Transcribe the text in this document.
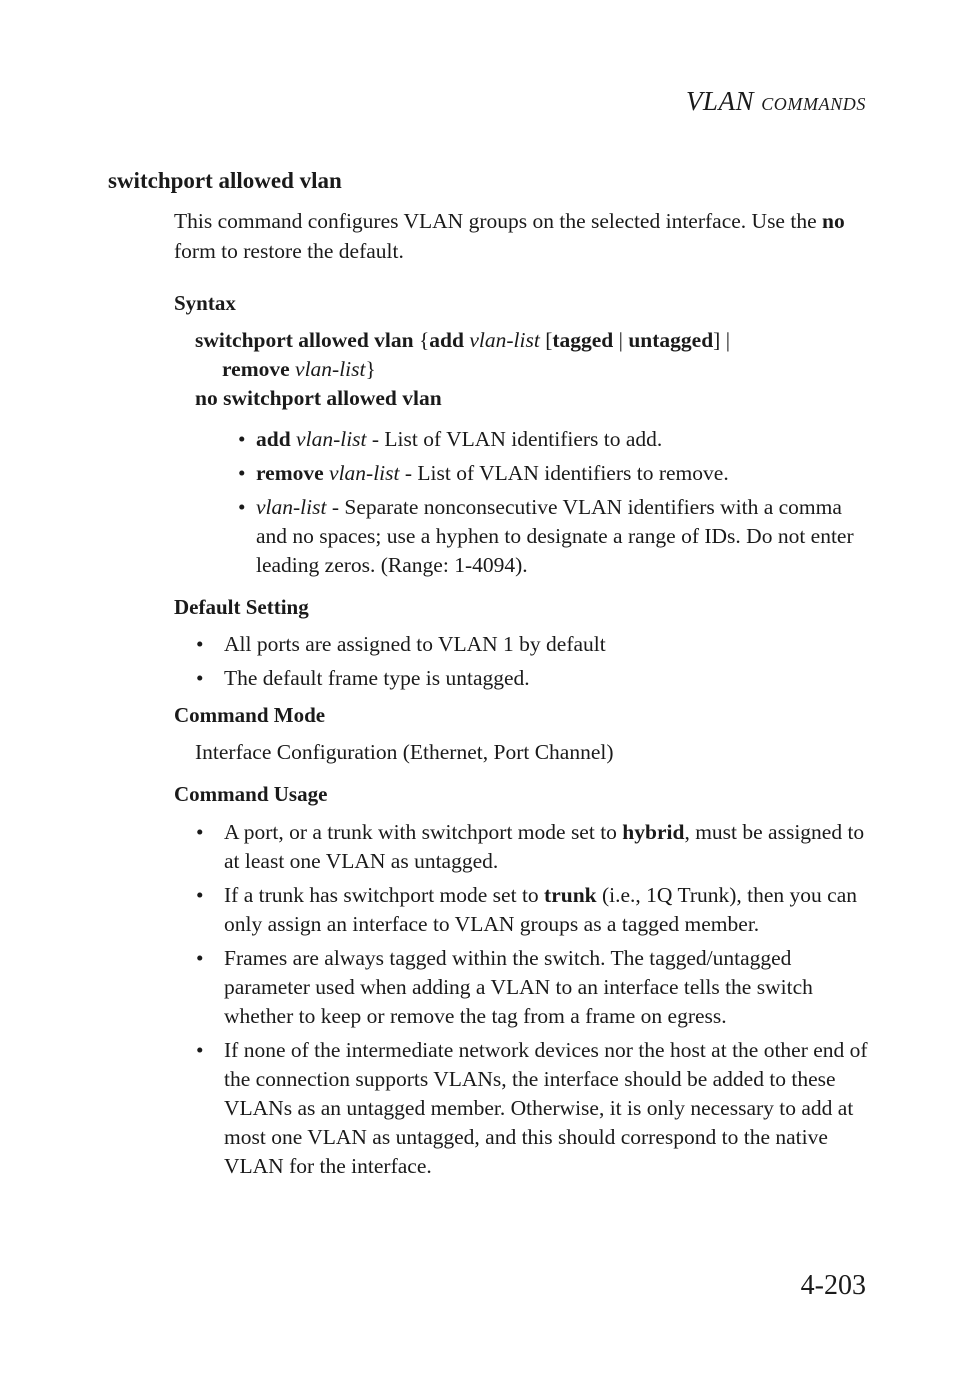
VLAN COMMANDS
switchport allowed vlan
This command configures VLAN groups on the selected interface. Use the no form to restore the default.
Syntax
switchport allowed vlan {add vlan-list [tagged | untagged] |
remove vlan-list}
no switchport allowed vlan
• add vlan-list - List of VLAN identifiers to add.
• remove vlan-list - List of VLAN identifiers to remove.
• vlan-list - Separate nonconsecutive VLAN identifiers with a comma and no spaces; use a hyphen to designate a range of IDs. Do not enter leading zeros. (Range: 1-4094).
Default Setting
• All ports are assigned to VLAN 1 by default
• The default frame type is untagged.
Command Mode
Interface Configuration (Ethernet, Port Channel)
Command Usage
• A port, or a trunk with switchport mode set to hybrid, must be assigned to at least one VLAN as untagged.
• If a trunk has switchport mode set to trunk (i.e., 1Q Trunk), then you can only assign an interface to VLAN groups as a tagged member.
• Frames are always tagged within the switch. The tagged/untagged parameter used when adding a VLAN to an interface tells the switch whether to keep or remove the tag from a frame on egress.
• If none of the intermediate network devices nor the host at the other end of the connection supports VLANs, the interface should be added to these VLANs as an untagged member. Otherwise, it is only necessary to add at most one VLAN as untagged, and this should correspond to the native VLAN for the interface.
4-203
